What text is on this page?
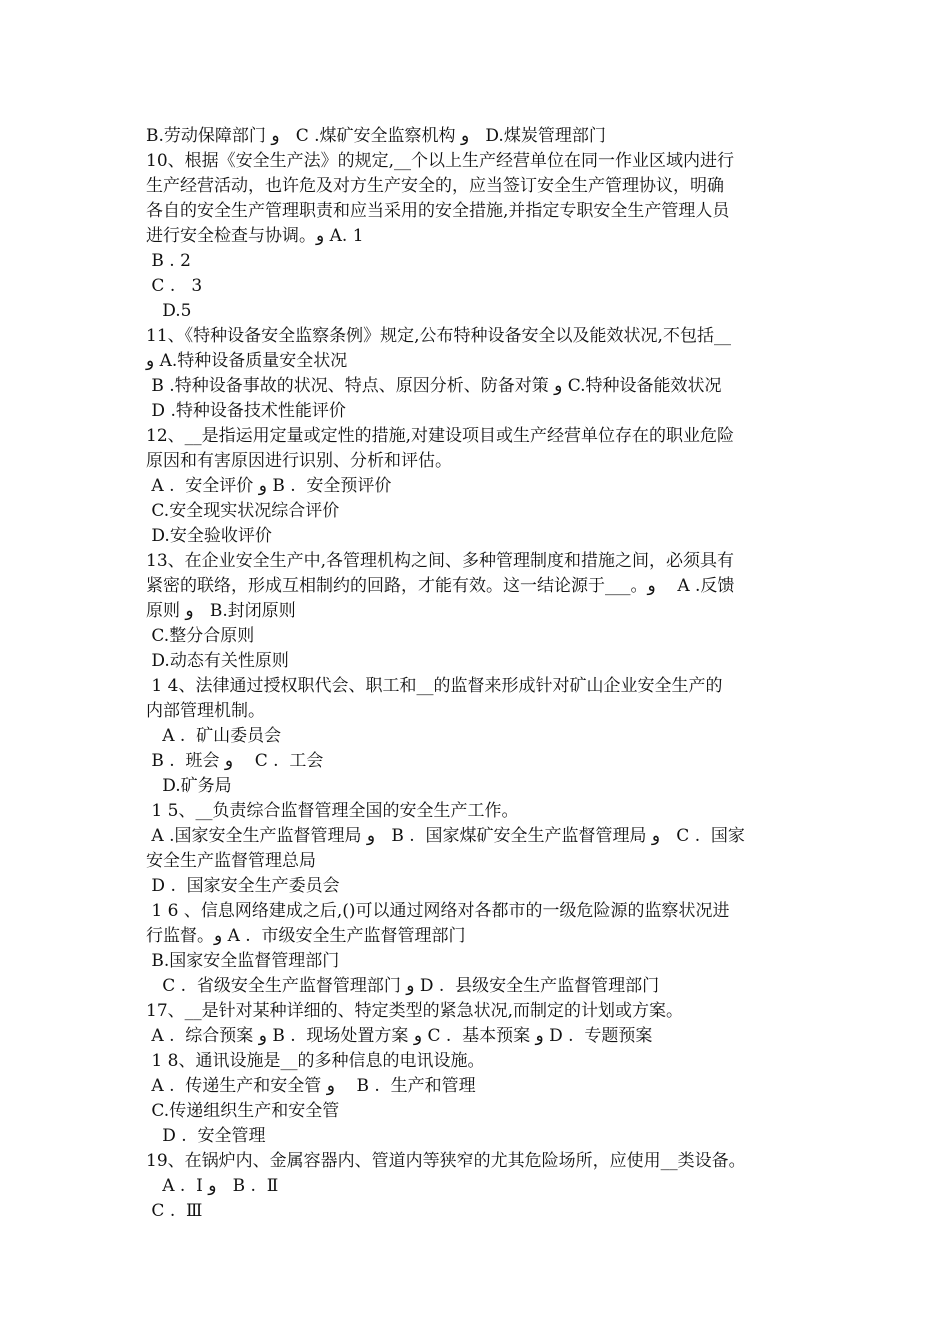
B.劳动保障部门 ﻭ   C .煤矿安全监察机构 ﻭ   D.煤炭管理部门
10、根据《安全生产法》的规定,__个以上生产经营单位在同一作业区域内进行
生产经营活动，也许危及对方生产安全的，应当签订安全生产管理协议，明确
各自的安全生产管理职责和应当采用的安全措施,并指定专职安全生产管理人员
进行安全检查与协调。ﻭ A. 1
B . 2
C .   3
D.5
11、《特种设备安全监察条例》规定,公布特种设备安全以及能效状况,不包括__
ﻭ A.特种设备质量安全状况
B .特种设备事故的状况、特点、原因分析、防备对策 ﻭ C.特种设备能效状况
D .特种设备技术性能评价
12、__是指运用定量或定性的措施,对建设项目或生产经营单位存在的职业危险
原因和有害原因进行识别、分析和评估。
A .  安全评价 ﻭ B .  安全预评价
C.安全现实状况综合评价
D.安全验收评价
13、在企业安全生产中,各管理机构之间、多种管理制度和措施之间，必须具有
紧密的联络，形成互相制约的回路，才能有效。这一结论源于___。ﻭ    A .反馈
原则 ﻭ   B.封闭原则
C.整分合原则
D.动态有关性原则
1 4、法律通过授权职代会、职工和__的监督来形成针对矿山企业安全生产的
内部管理机制。
A .  矿山委员会
B .  班会 ﻭ    C .  工会
D.矿务局
1 5、__负责综合监督管理全国的安全生产工作。
A .国家安全生产监督管理局 ﻭ   B .  国家煤矿安全生产监督管理局 ﻭ   C .  国家
安全生产监督管理总局
D .  国家安全生产委员会
1 6 、信息网络建成之后,()可以通过网络对各都市的一级危险源的监察状况进
行监督。ﻭ A .  市级安全生产监督管理部门
B.国家安全监督管理部门
C .  省级安全生产监督管理部门 ﻭ D .  县级安全生产监督管理部门
17、__是针对某种详细的、特定类型的紧急状况,而制定的计划或方案。
A .  综合预案 ﻭ B .  现场处置方案 ﻭ C .  基本预案 ﻭ D .  专题预案
1 8、通讯设施是__的多种信息的电讯设施。
A .  传递生产和安全管 ﻭ    B .  生产和管理
C.传递组织生产和安全管
D .  安全管理
19、在锅炉内、金属容器内、管道内等狭窄的尤其危险场所，应使用__类设备。
A .  Ⅰ ﻭ   B .  Ⅱ
C .  Ⅲ
